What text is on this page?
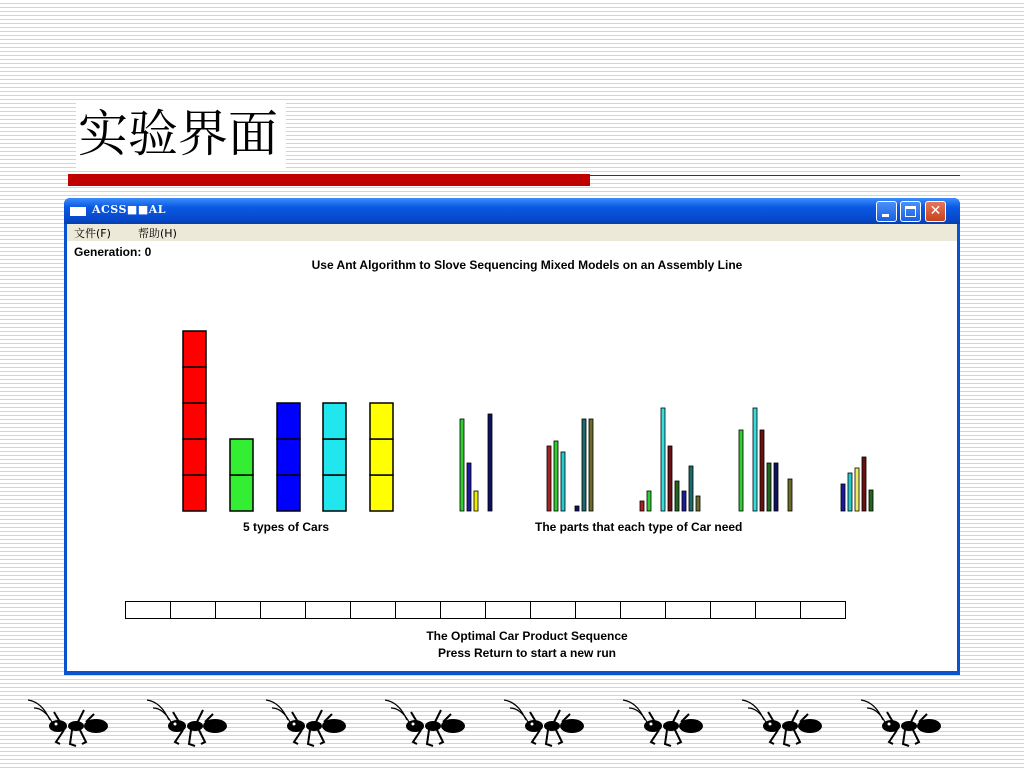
实验界面
ACSS■■AL	✕
文件(F) 帮助(H)
Generation: 0
Use Ant Algorithm to Slove Sequencing Mixed Models on an Assembly Line
5 types of Cars	The parts that each type of Car need
The Optimal Car Product Sequence
Press Return to start a new run
